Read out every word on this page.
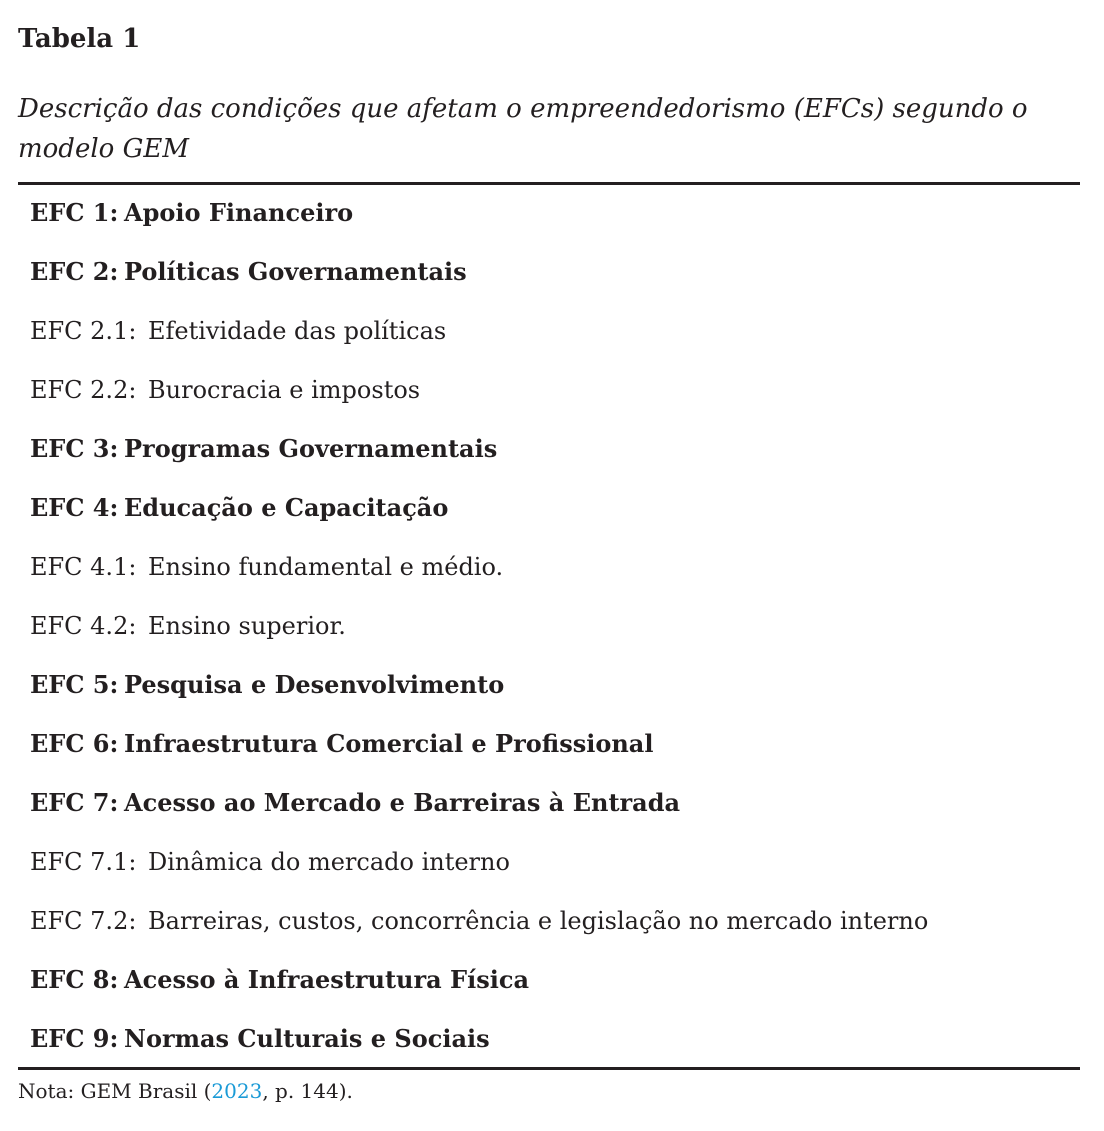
Tabela 1
Descrição das condições que afetam o empreendedorismo (EFCs) segundo o modelo GEM
EFC 1: Apoio Financeiro
EFC 2: Políticas Governamentais
EFC 2.1: Efetividade das políticas
EFC 2.2: Burocracia e impostos
EFC 3: Programas Governamentais
EFC 4: Educação e Capacitação
EFC 4.1: Ensino fundamental e médio.
EFC 4.2: Ensino superior.
EFC 5: Pesquisa e Desenvolvimento
EFC 6: Infraestrutura Comercial e Profissional
EFC 7: Acesso ao Mercado e Barreiras à Entrada
EFC 7.1: Dinâmica do mercado interno
EFC 7.2: Barreiras, custos, concorrência e legislação no mercado interno
EFC 8: Acesso à Infraestrutura Física
EFC 9: Normas Culturais e Sociais
Nota: GEM Brasil (2023, p. 144).
